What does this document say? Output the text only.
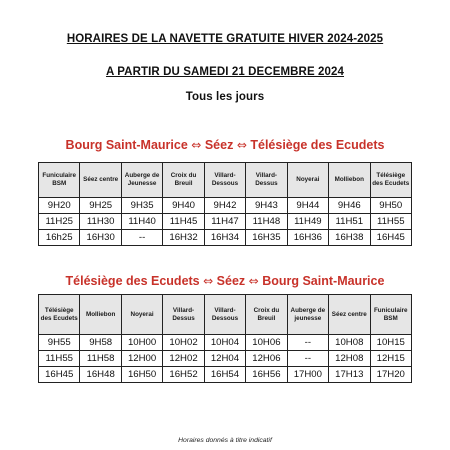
HORAIRES DE LA NAVETTE GRATUITE HIVER 2024-2025
A PARTIR DU SAMEDI 21 DECEMBRE 2024
Tous les jours
Bourg Saint-Maurice ⇔ Séez ⇔ Télésiège des Ecudets
Funiculaire BSM	Séez centre	Auberge de Jeunesse	Croix du Breuil	Villard-Dessous	Villard-Dessus	Noyerai	Molliebon	Télésiège des Ecudets
9H20	9H25	9H35	9H40	9H42	9H43	9H44	9H46	9H50
11H25	11H30	11H40	11H45	11H47	11H48	11H49	11H51	11H55
16h25	16H30	--	16H32	16H34	16H35	16H36	16H38	16H45
Télésiège des Ecudets ⇔ Séez ⇔ Bourg Saint-Maurice
Télésiège des Ecudets	Molliebon	Noyerai	Villard-Dessus	Villard-Dessous	Croix du Breuil	Auberge de jeunesse	Séez centre	Funiculaire BSM
9H55	9H58	10H00	10H02	10H04	10H06	--	10H08	10H15
11H55	11H58	12H00	12H02	12H04	12H06	--	12H08	12H15
16H45	16H48	16H50	16H52	16H54	16H56	17H00	17H13	17H20
Horaires donnés à titre indicatif
